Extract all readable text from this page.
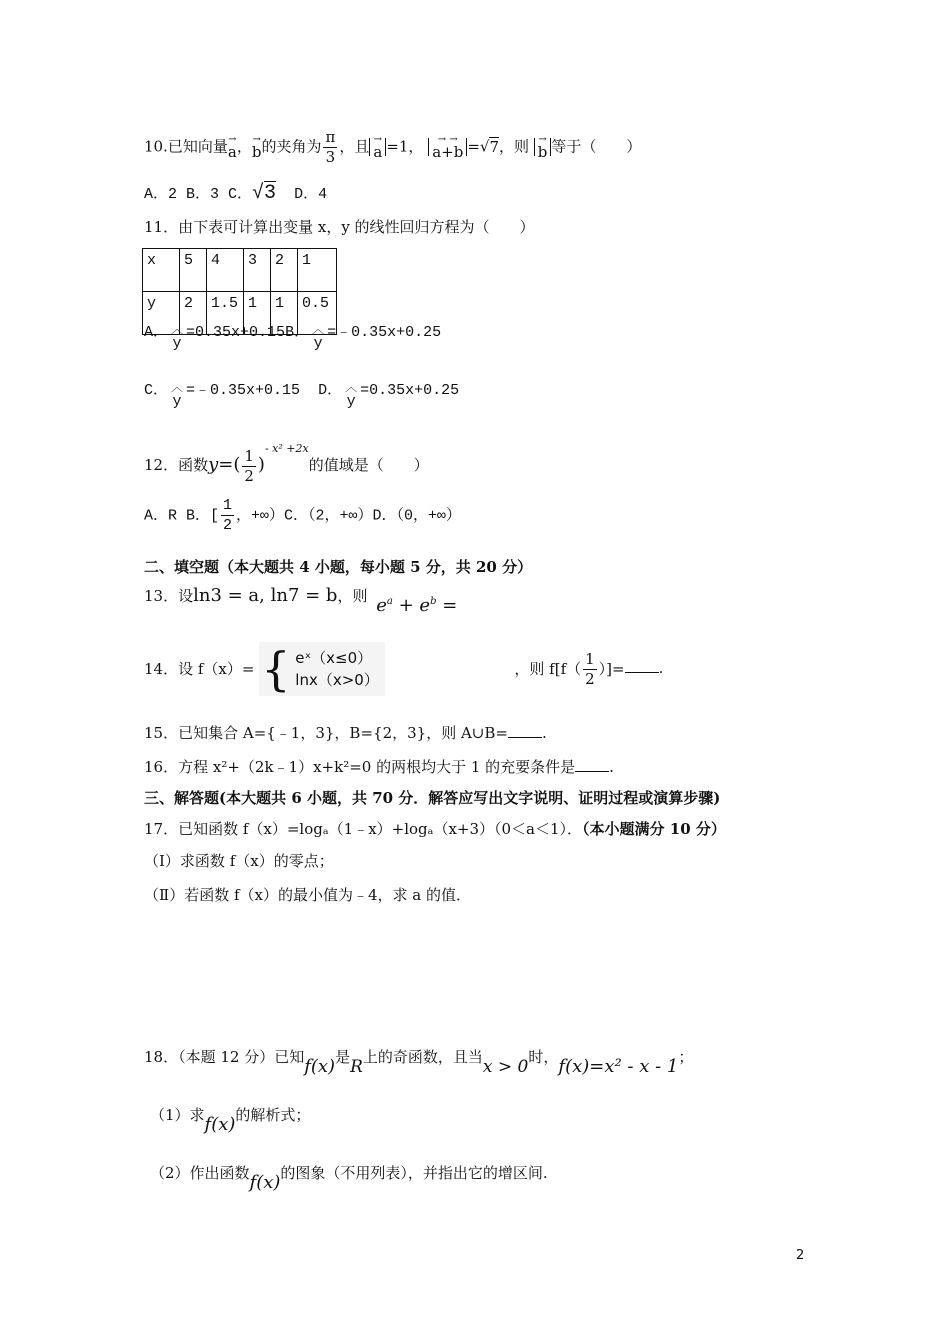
10.已知向量 →
a ， →
b 的夹角为 $\frac{\pi}{3}$ ，且 →
a =1， → →
a+b =√7，则 →
b 等于（　　）
A．2 B．3 C．√3 D．4
11．由下表可计算出变量 x，y 的线性回归方程为（　　）
x	5	4	3	2	1
y	2	1.5	1	1	0.5
A． ︿
y
=0.35x+0.15B． ︿
y
=﹣0.35x+0.25
C． ︿
y
=﹣0.35x+0.15 D． ︿
y
=0.35x+0.25
12．函数$y=( \frac{1}{2} )^{- x^2 +2x}$的值域是（　　）
A．R B．[ $\frac{1}{2}$ ，+∞）C．（2，+∞）D．（0，+∞）
二、填空题（本大题共 4 小题，每小题 5 分，共 20 分）
13．设ln3 = a, ln7 = b，则 $e^a + e^b$ =
14．设 f（x）= { eˣ（x≤0）
lnx（x>0）
，则 $f[f( \frac{1}{2}$ ）]= .
15．已知集合 A={﹣1，3}，B={2，3}，则 A∪B= .
16．方程 x²+（2k﹣1）x+k²=0 的两根均大于 1 的充要条件是 .
三、解答题(本大题共 6 小题，共 70 分．解答应写出文字说明、证明过程或演算步骤)
17．已知函数 f（x）=logₐ（1﹣x）+logₐ（x+3）（0＜a＜1）．（本小题满分 10 分）
（Ⅰ）求函数 f（x）的零点；
（Ⅱ）若函数 f（x）的最小值为﹣4，求 a 的值．
18．（本题 12 分）已知f(x)是R上的奇函数，且当x > 0时，f(x)=x² - x - 1；
（1）求f(x)的解析式；
（2）作出函数f(x)的图象（不用列表），并指出它的增区间.
2
